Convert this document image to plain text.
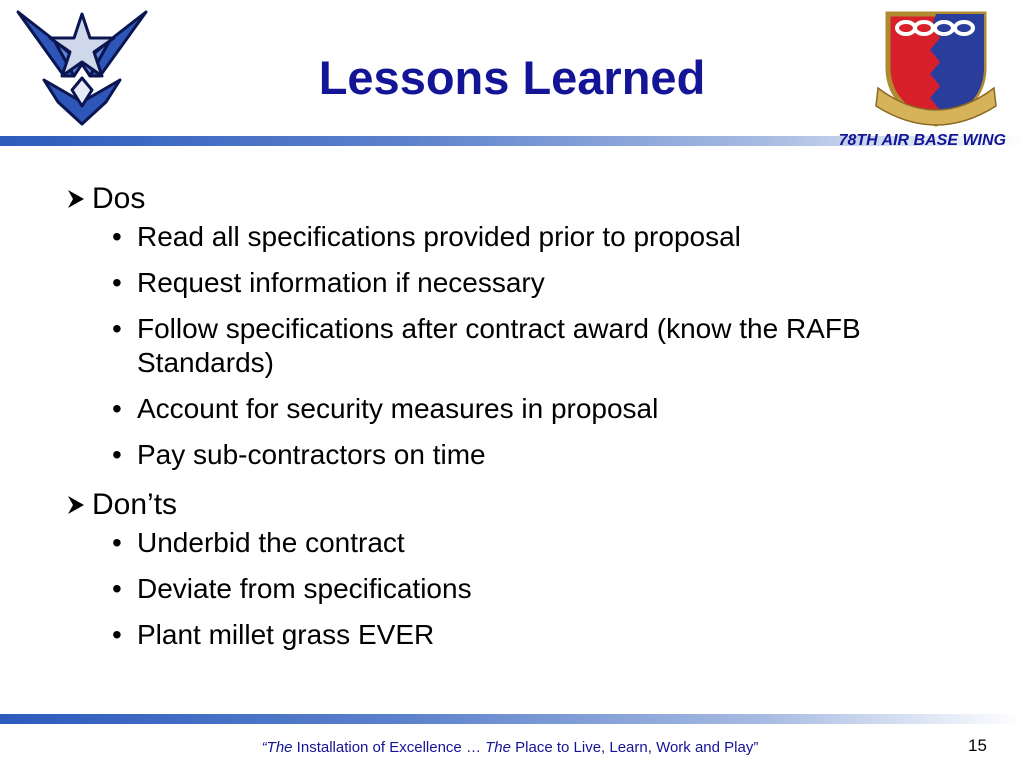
Lessons Learned
78TH AIR BASE WING
Dos
• Read all specifications provided prior to proposal
• Request information if necessary
• Follow specifications after contract award (know the RAFB Standards)
• Account for security measures in proposal
• Pay sub-contractors on time
Don’ts
• Underbid the contract
• Deviate from specifications
• Plant millet grass EVER
“The Installation of Excellence … The Place to Live, Learn, Work and Play”	15
